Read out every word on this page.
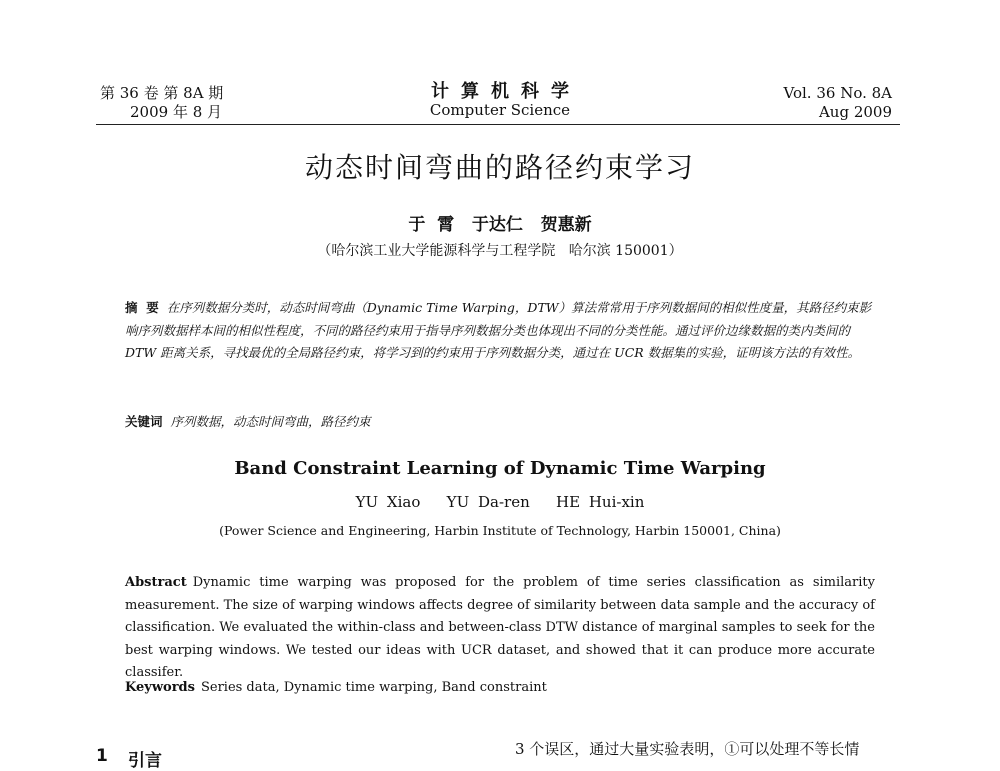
第 36 卷 第 8A 期
2009 年 8 月
计算机科学
Computer Science
Vol. 36 No. 8A
Aug 2009
动态时间弯曲的路径约束学习
于  霄   于达仁   贺惠新
（哈尔滨工业大学能源科学与工程学院   哈尔滨 150001）
摘  要 在序列数据分类时，动态时间弯曲（Dynamic Time Warping，DTW）算法常常用于序列数据间的相似性度量，其路径约束影响序列数据样本间的相似性程度，不同的路径约束用于指导序列数据分类也体现出不同的分类性能。通过评价边缘数据的类内类间的 DTW 距离关系，寻找最优的全局路径约束，将学习到的约束用于序列数据分类，通过在 UCR 数据集的实验，证明该方法的有效性。
关键词 序列数据，动态时间弯曲，路径约束
Band Constraint Learning of Dynamic Time Warping
YU Xiao   YU Da-ren   HE Hui-xin
(Power Science and Engineering, Harbin Institute of Technology, Harbin 150001, China)
Abstract Dynamic time warping was proposed for the problem of time series classification as similarity measurement. The size of warping windows affects degree of similarity between data sample and the accuracy of classification. We evaluated the within-class and between-class DTW distance of marginal samples to seek for the best warping windows. We tested our ideas with UCR dataset, and showed that it can produce more accurate classifer.
Keywords Series data, Dynamic time warping, Band constraint
1 引言
3 个误区，通过大量实验表明，①可以处理不等长情
